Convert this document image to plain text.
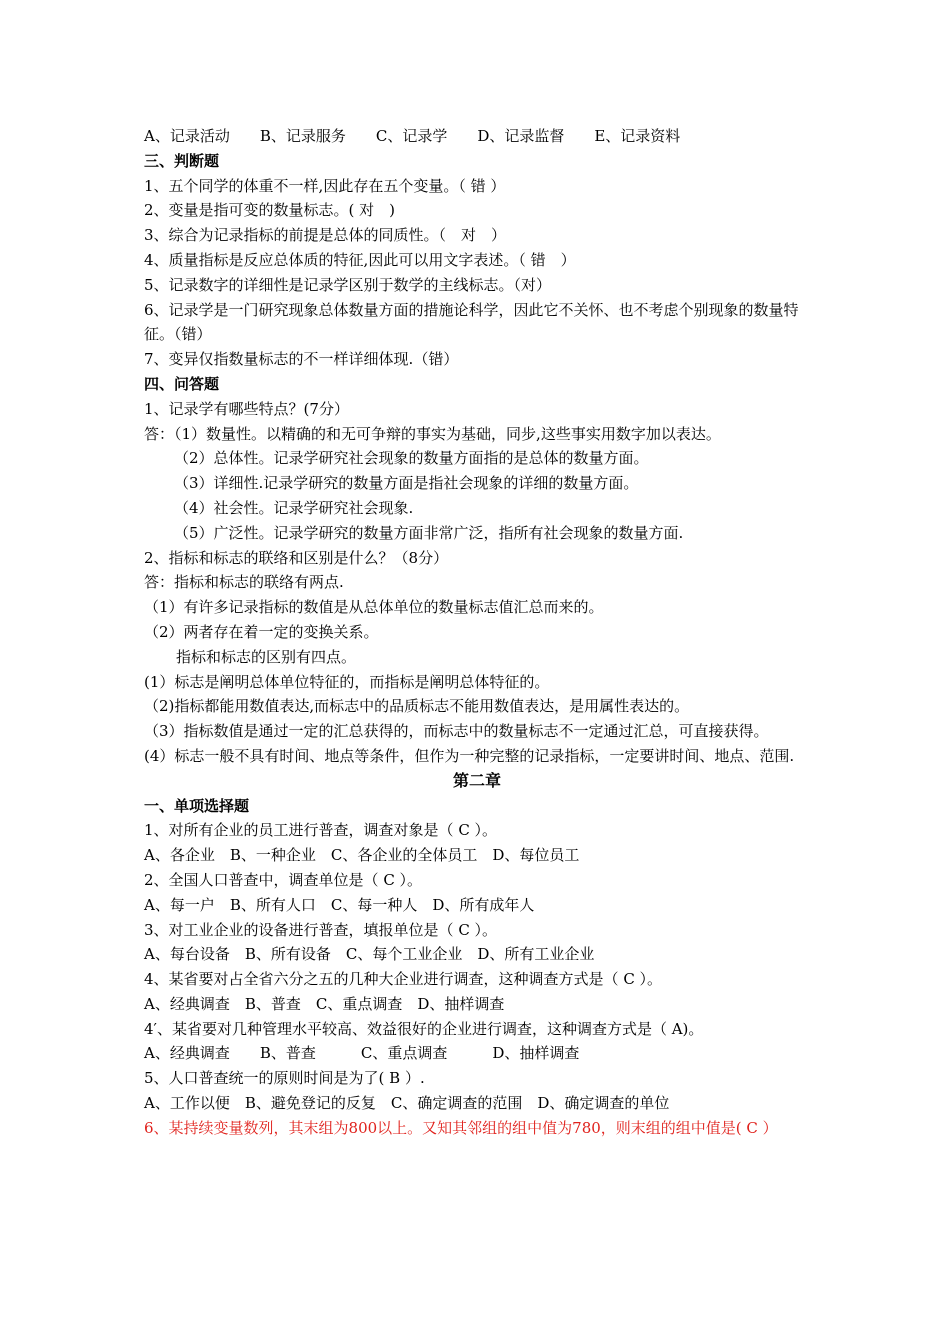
A、记录活动　　B、记录服务　　C、记录学　　D、记录监督　　E、记录资料
三、判断题
1、五个同学的体重不一样,因此存在五个变量。（ 错 ）
2、变量是指可变的数量标志。( 对　)
3、综合为记录指标的前提是总体的同质性。（　对　）
4、质量指标是反应总体质的特征,因此可以用文字表述。（ 错　）
5、记录数字的详细性是记录学区别于数学的主线标志。（对）
6、记录学是一门研究现象总体数量方面的措施论科学，因此它不关怀、也不考虑个别现象的数量特征。（错）
7、变异仅指数量标志的不一样详细体现.（错）
四、问答题
1、记录学有哪些特点？(7分）
答：（1）数量性。以精确的和无可争辩的事实为基础，同步,这些事实用数字加以表达。
（2）总体性。记录学研究社会现象的数量方面指的是总体的数量方面。
（3）详细性.记录学研究的数量方面是指社会现象的详细的数量方面。
（4）社会性。记录学研究社会现象.
（5）广泛性。记录学研究的数量方面非常广泛，指所有社会现象的数量方面.
2、指标和标志的联络和区别是什么？（8分）
答：指标和标志的联络有两点.
（1）有许多记录指标的数值是从总体单位的数量标志值汇总而来的。
（2）两者存在着一定的变换关系。
指标和标志的区别有四点。
(1）标志是阐明总体单位特征的，而指标是阐明总体特征的。
（2)指标都能用数值表达,而标志中的品质标志不能用数值表达，是用属性表达的。
（3）指标数值是通过一定的汇总获得的，而标志中的数量标志不一定通过汇总，可直接获得。
(4）标志一般不具有时间、地点等条件，但作为一种完整的记录指标，一定要讲时间、地点、范围.
第二章
一、单项选择题
1、对所有企业的员工进行普查，调查对象是（ C ）。
A、各企业　B、一种企业　C、各企业的全体员工　D、每位员工
2、全国人口普查中，调查单位是（ C ）。
A、每一户　B、所有人口　C、每一种人　D、所有成年人
3、对工业企业的设备进行普查，填报单位是（ C ）。
A、每台设备　B、所有设备　C、每个工业企业　D、所有工业企业
4、某省要对占全省六分之五的几种大企业进行调查，这种调查方式是（ C ）。
A、经典调查　B、普查　C、重点调查　D、抽样调查
4′、某省要对几种管理水平较高、效益很好的企业进行调查，这种调查方式是（ A)。
A、经典调查　　B、普查　　　C、重点调查　　　D、抽样调查
5、人口普查统一的原则时间是为了( B ）.
A、工作以便　B、避免登记的反复　C、确定调查的范围　D、确定调查的单位
6、某持续变量数列，其末组为800以上。又知其邻组的组中值为780，则末组的组中值是( C ）
